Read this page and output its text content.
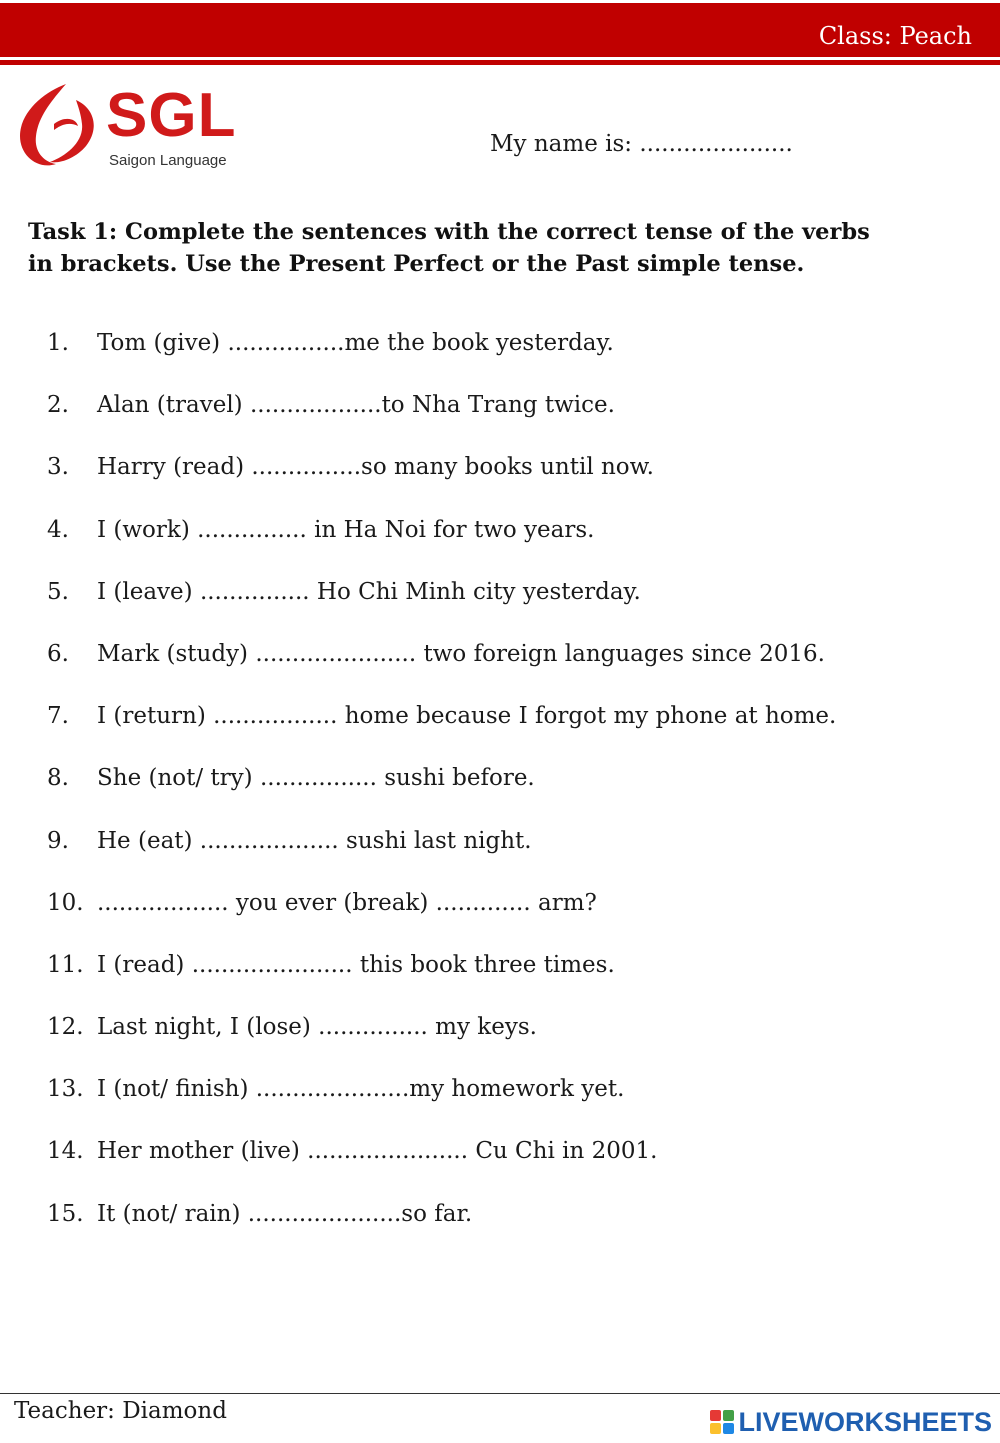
Class: Peach
SGL
Saigon Language
My name is: .....................
Task 1: Complete the sentences with the correct tense of the verbs
in brackets. Use the Present Perfect or the Past simple tense.
1. Tom (give) ................me the book yesterday.
2. Alan (travel) ..................to Nha Trang twice.
3. Harry (read) ...............so many books until now.
4. I (work) ............... in Ha Noi for two years.
5. I (leave) ............... Ho Chi Minh city yesterday.
6. Mark (study) ...................... two foreign languages since 2016.
7. I (return) ................. home because I forgot my phone at home.
8. She (not/ try) ................ sushi before.
9. He (eat) ................... sushi last night.
10. .................. you ever (break) ............. arm?
11. I (read) ...................... this book three times.
12. Last night, I (lose) ............... my keys.
13. I (not/ finish) .....................my homework yet.
14. Her mother (live) ...................... Cu Chi in 2001.
15. It (not/ rain) .....................so far.
Teacher: Diamond	LIVEWORKSHEETS
